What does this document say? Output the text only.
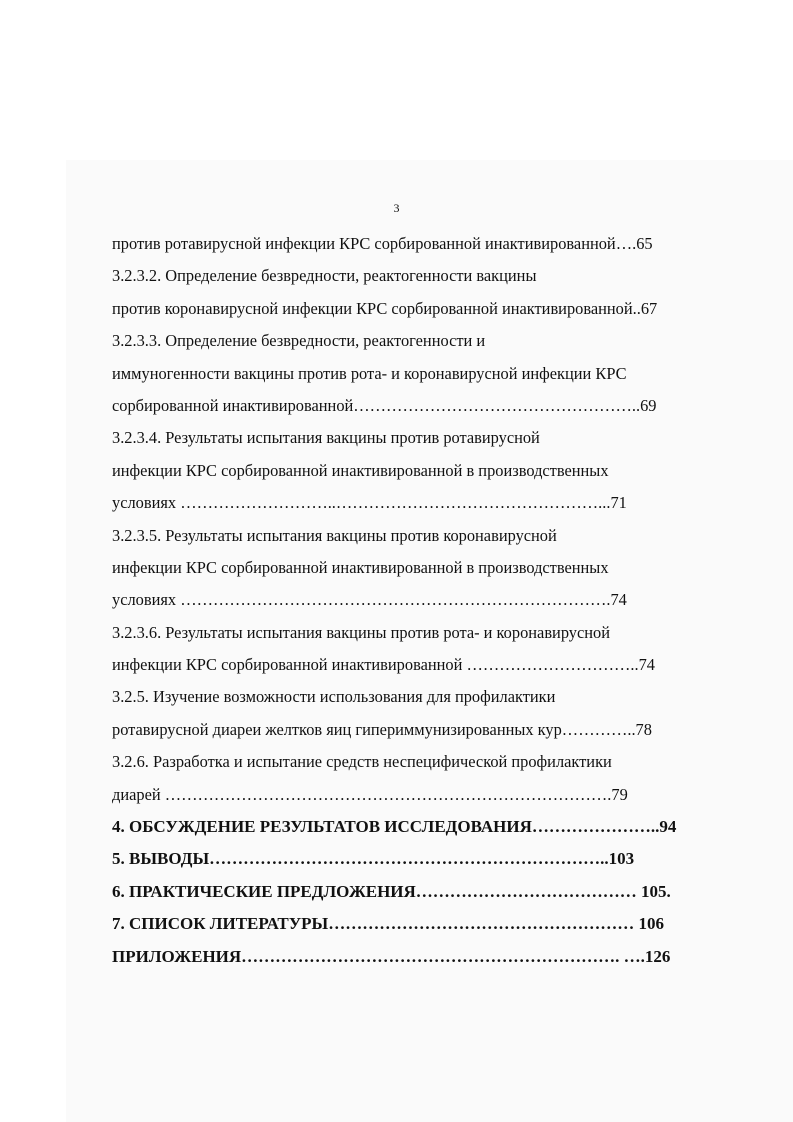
3
против ротавирусной инфекции КРС сорбированной инактивированной….65
3.2.3.2. Определение безвредности, реактогенности вакцины
против коронавирусной инфекции КРС сорбированной инактивированной..67
3.2.3.3. Определение безвредности, реактогенности и
иммуногенности вакцины против рота- и коронавирусной инфекции КРС
сорбированной инактивированной……………………………………………..69
3.2.3.4. Результаты испытания вакцины против ротавирусной
инфекции КРС сорбированной инактивированной в производственных
условиях ………………………..…………………………………………...71
3.2.3.5. Результаты испытания вакцины против коронавирусной
инфекции КРС сорбированной инактивированной в производственных
условиях …………………………………………………………………….74
3.2.3.6. Результаты испытания вакцины против рота- и коронавирусной
инфекции КРС сорбированной инактивированной …………………………..74
3.2.5. Изучение возможности использования для профилактики
ротавирусной диареи желтков яиц гипериммунизированных кур…………..78
3.2.6. Разработка и испытание средств неспецифической профилактики
диарей ……………………………………………………………………….79
4. ОБСУЖДЕНИЕ РЕЗУЛЬТАТОВ ИССЛЕДОВАНИЯ…………………..94
5. ВЫВОДЫ……………………………………………………………..103
6. ПРАКТИЧЕСКИЕ ПРЕДЛОЖЕНИЯ………………………………… 105.
7. СПИСОК ЛИТЕРАТУРЫ……………………………………………… 106
ПРИЛОЖЕНИЯ…………………………………………………………. ….126
